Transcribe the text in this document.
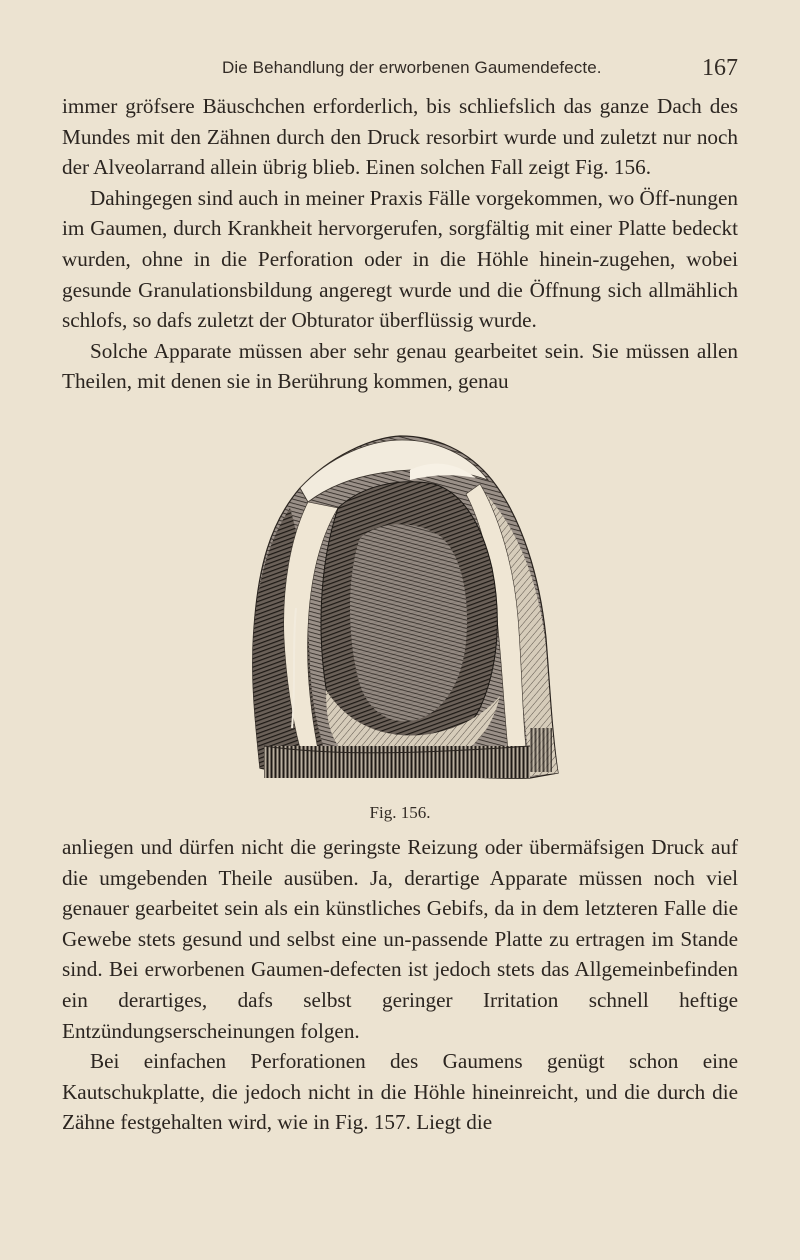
Die Behandlung der erworbenen Gaumendefecte.	167

immer gröfsere Bäuschchen erforderlich, bis schliefslich das ganze Dach des Mundes mit den Zähnen durch den Druck resorbirt wurde und zuletzt nur noch der Alveolarrand allein übrig blieb. Einen solchen Fall zeigt Fig. 156.

Dahingegen sind auch in meiner Praxis Fälle vorgekommen, wo Öff-nungen im Gaumen, durch Krankheit hervorgerufen, sorgfältig mit einer Platte bedeckt wurden, ohne in die Perforation oder in die Höhle hinein-zugehen, wobei gesunde Granulationsbildung angeregt wurde und die Öffnung sich allmählich schlofs, so dafs zuletzt der Obturator überflüssig wurde.

Solche Apparate müssen aber sehr genau gearbeitet sein. Sie müssen allen Theilen, mit denen sie in Berührung kommen, genau

Fig. 156.

anliegen und dürfen nicht die geringste Reizung oder übermäfsigen Druck auf die umgebenden Theile ausüben. Ja, derartige Apparate müssen noch viel genauer gearbeitet sein als ein künstliches Gebifs, da in dem letzteren Falle die Gewebe stets gesund und selbst eine un-passende Platte zu ertragen im Stande sind. Bei erworbenen Gaumen-defecten ist jedoch stets das Allgemeinbefinden ein derartiges, dafs selbst geringer Irritation schnell heftige Entzündungserscheinungen folgen.

Bei einfachen Perforationen des Gaumens genügt schon eine Kautschukplatte, die jedoch nicht in die Höhle hineinreicht, und die durch die Zähne festgehalten wird, wie in Fig. 157. Liegt die
